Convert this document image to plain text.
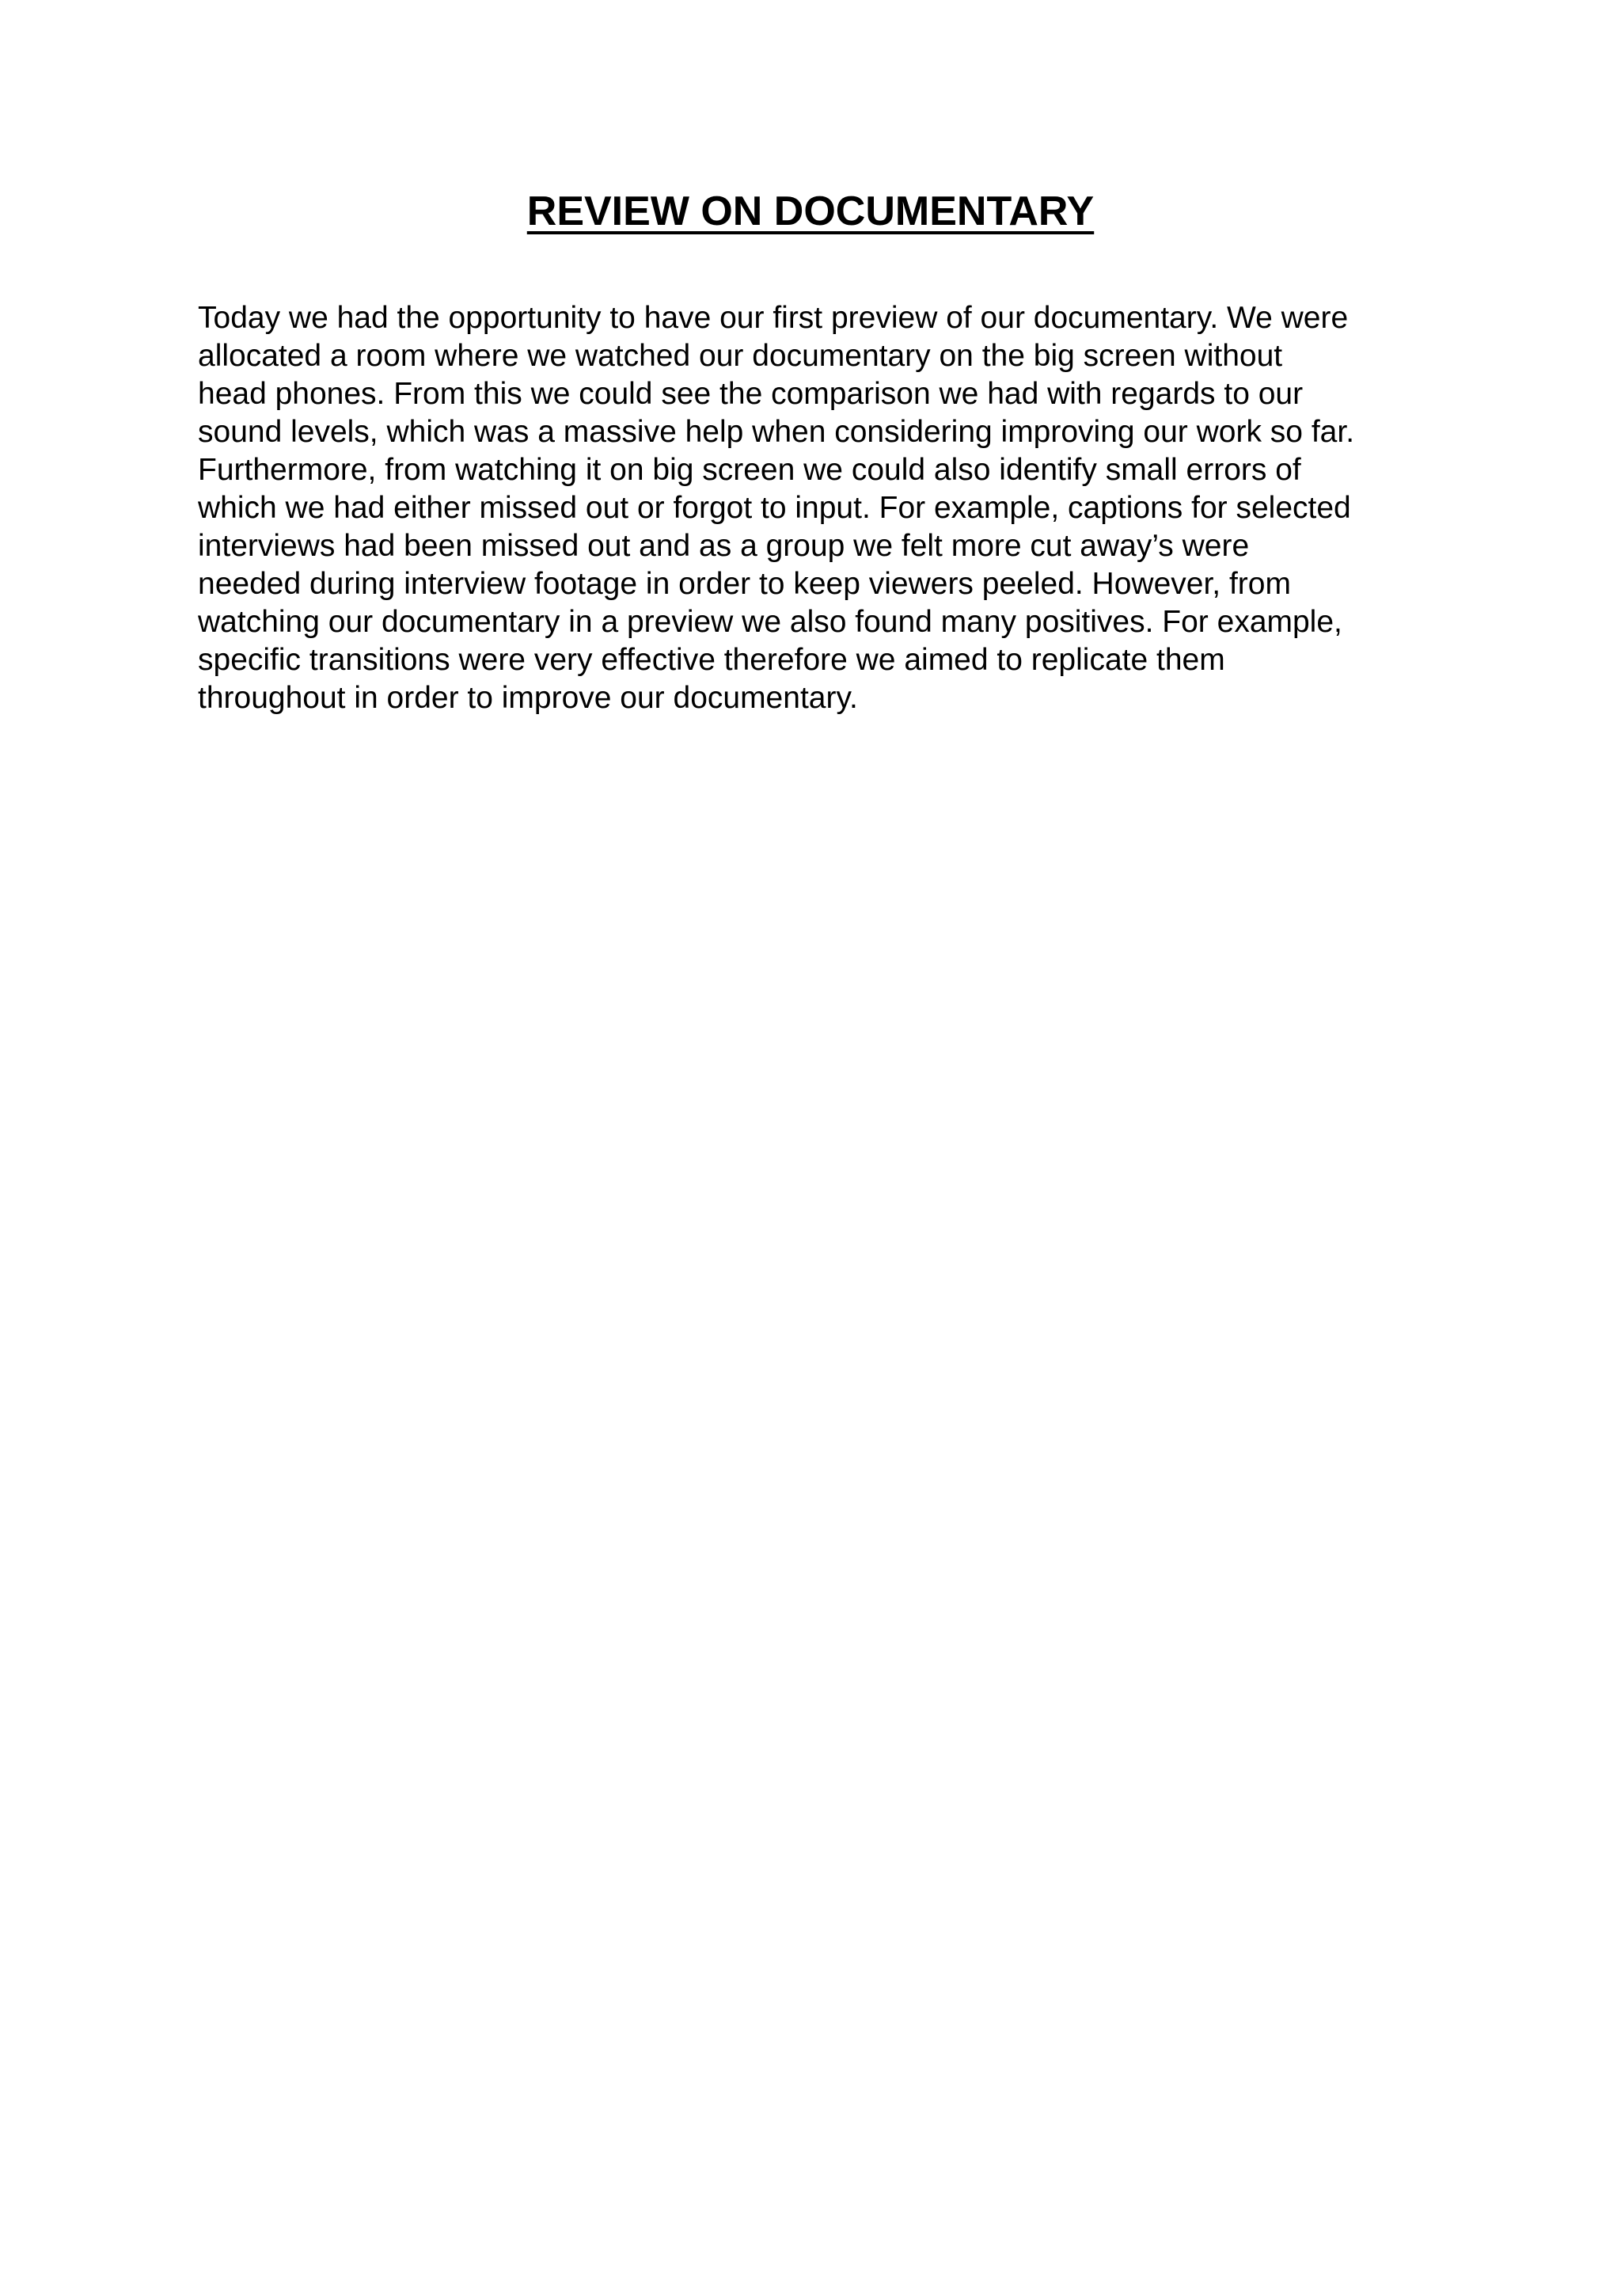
REVIEW ON DOCUMENTARY
Today we had the opportunity to have our first preview of our documentary. We were
allocated a room where we watched our documentary on the big screen without
head phones. From this we could see the comparison we had with regards to our
sound levels, which was a massive help when considering improving our work so far.
Furthermore, from watching it on big screen we could also identify small errors of
which we had either missed out or forgot to input. For example, captions for selected
interviews had been missed out and as a group we felt more cut away’s were
needed during interview footage in order to keep viewers peeled. However, from
watching our documentary in a preview we also found many positives. For example,
specific transitions were very effective therefore we aimed to replicate them
throughout in order to improve our documentary.
